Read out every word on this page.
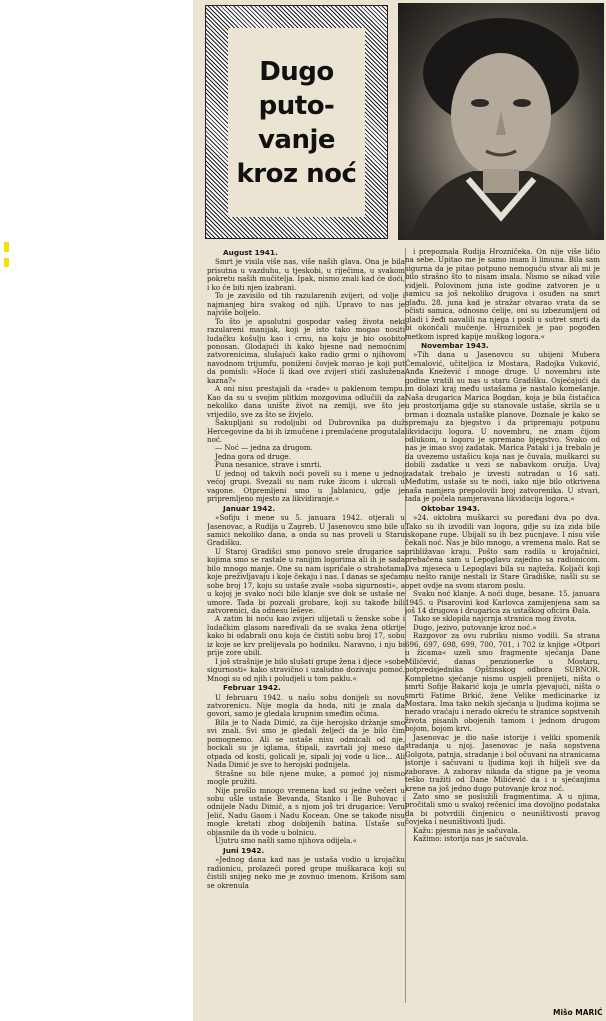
Dugo
puto-
vanje
kroz noć
August 1941.

Smrt je visila više nas, više naših glava. Ona je bila prisutna u vazduhu, u tjeskobi, u riječima, u svakom pokretu naših mučitelja. Ipak, nismo znali kad će doći, i ko će biti njen izabrani.

To je zavisilo od tih razularenih zvijeri, od volje i najmanjeg hira svakog od njih. Upravo to nas je najviše boljelo.

To što je apsolutni gospodar vašeg života neki razulareni manijak, koji je isto tako mogao nositi ludačku košulju kao i crnu, na koju je bio osobito ponosan. Glodajući ih kako bjesne nad nemoćnim zatvorenicima, slušajući kako radio grmi o njihovom navodnom trijumfu, poniženi čovjek morao je koji put da pomisli: »Hoće li ikad ove zvijeri stići zaslužena kazna?«

A oni nisu prestajali da »rade« u paklenom tempu. Kao da su u svojim plitkim mozgovima odlučili da za nekoliko dana unište život na zemlji, sve što je vrijedilo, sve za što se živjelo.

Sakupljani su rodoljubi od Dubrovnika pa duž Hercegovine da bi ih izmučene i premlaćene progutala noć.

— Noć — jedna za drugom.

Jedna gora od druge.

Puna nesanice, strave i smrti.

U jednoj od takvih noći poveli su i mene u jednoj većoj grupi. Svezali su nam ruke žicom i ukrcali u vagone. Otpremljeni smo u Jablanicu, gdje je pripremljeno mjesto za likvidiranje.«

Januar 1942.

»Sofiju i mene su 5. januara 1942. otjerali u Jasenovac, a Rudija u Zagreb. U Jasenovcu smo bile u samici nekoliko dana, a onda su nas proveli u Staru Gradišku.

U Staroj Gradišci smo ponovo srele drugarice sa kojima smo se rastale u ranijim logorima ali ih je sada bilo mnogo manje. One su nam ispričale o strahotama koje preživljavaju i koje čekaju i nas. I danas se sjećam sobe broj 17, koju su ustaše zvale »soba sigurnosti«, a u kojoj je svako noći bilo klanje sve dok se ustaše ne umore. Tada bi pozvali grobare, koji su takođe bili zatvorenici, da odnesu leševe.

A zatim bi noću kao zvijeri ulijetali u ženske sobe i ludačkim glasom naređivali da se svaka žena otkrije kako bi odabrali onu koja će čistiti sobu broj 17, sobu iz koje se krv prelijevala po hodniku. Naravno, i nju bi prije zore ubili.

I još strašnije je bilo slušati grupe žena i djece »sobe sigurnosti« kako stravično i uzaludno dozivaju pomoć. Mnogi su od njih i poludjeli u tom paklu.«

Februar 1942.

U februaru 1942. u našu sobu donijeli su novu zatvorenicu. Nije mogla da hoda, niti je znala da govori, samo je gledala krupnim smeđim očima.

Bila je to Nada Dimić, za čije herojsko držanje smo svi znali. Svi smo je gledali željeći da je bilo čim pomognemo. Ali se ustaše nisu odmicali od nje, bockali su je iglama, štipali, zavrtali joj meso da otpada od kosti, golicali je, sipali joj vode u lice... Ali Nada Dimić je sve to herojski podnijela.

Strašne su bile njene muke, a pomoć joj nismo mogle pružiti.

Nije prošlo mnogo vremena kad su jedne večeri u sobu ušle ustaše Bevanda, Stanko i Ile Buhovac i odnijele Nadu Dimić, a s njom još tri drugarice: Veru Jelić, Nadu Gaom i Nadu Kocean. One se takođe nisu mogle kretati zbog dobijenih batina. Ustaše su objasnile da ih vode u bolnicu.

Ujutru smo našli samo njihova odijela.«

Juni 1942.

»Jednog dana kad nas je ustaša vodio u krojačku radionicu, prolazeći pored grupe muškaraca koji su čistili snijeg neko me je zovnuo imenom. Krišom sam se okrenula

i prepoznala Rudija Hrozničeka. On nije više ličio na sebe. Upitao me je samo imam li limuna. Bila sam sigurna da je pitao potpuno nemoguću stvar ali mi je bilo strašno što to nisam imala. Nismo se nikad više vidjeli. Polovinom juna iste godine zatvoren je u samicu sa još nekoliko drugova i osuđen na smrt glađu. 28. juna kad je stražar otvarao vrata da se očisti samica, odnosno ćelije, oni su izbezumljeni od gladi i žeđi navalili na njega i posli u sutret smrti da bi okončali mučenje. Hrozniček je pao pogođen metkom ispred kapije muškog logora.«

Novembar 1943.

»Tih dana u Jasenovcu su ubijeni Mubera Ćemalović, učiteljica iz Mostara, Radojka Vuković, Anđa Knežević i mnoge druge. U novembru iste godine vratili su nas u staru Gradišku. Osjećajući da im dolazi kraj među ustašama je nastalo komešanje. Naša drugarica Marica Bogdan, koja je bila čistačica u prostorijama gdje su stanovale ustaše, skrila se u orman i doznala ustaške planove. Doznale je kako se spremaju za bjegstvo i da pripremaju potpunu likvidaciju logora. U novembru, ne znam čijom odlukom, u logoru je spremano bjegstvo. Svako od nas je imao svoj zadatak. Marica Pataki i ja trebalo je da uvezemo ustašicu koja nas je čuvala, muškarci su dobili zadatke u vezi se nabavkom oružja. Uvaj zadatak trebalo je izvesti sutradan u 16 sati. Međutim, ustaše su te noći, iako nije bilo otkrivena naša namjera prepolovili broj zatvorenika. U stvari, tada je počela namjeravana likvidacija logora.«

Oktobar 1943.

»24. oktobra muškarci su poređani dva po dva. Tako su ih izvodili van logora, gdje su iza zida bile iskopane rupe. Ubijali su ih bez pucnjave. I nisu više čekali noć. Nas je bilo mnogo, a vremena malo. Rat se približavao kraju. Pošto sam radila u krojačnici, prebačena sam u Lepoglavu zajedno sa radionicom. Dva mjeseca u Lepoglavi bila su najteža. Koljači koji su nešto ranije nestali iz Stare Gradiške, našli su se opet ovdje na svom starom poslu.

Svaku noć klanje. A noći duge, besane. 15. januara 1945. u Pisarovini kod Karlovca zamijenjena sam sa još 14 drugova i drugarica za ustaškog oficira Đala.

Tako se sklopila najcrnja stranica mog života.

Dugo, jezivo, putovanje kroz noć.«

Razgovor za ovu rubriku nismo vodili. Sa strana 696, 697, 698, 699, 700, 701, i 702 iz knjige »Otpori u žicama« uzeli smo fragmente sjećanja Dane Milićević, danas penzionerke u Mostaru, potpredsjednika Opštinskog odbora SUBNOR. Kompletno sjećanje nismo uspjeli prenijeti, ništa o smrti Sofije Bakarić koja je umrla pjevajući, ništa o smrti Fatime Brkić, žene Velike medicinarke iz Mostara. Ima tako nekih sjećanja u ljudima kojima se nerado vraćaju i nerado okreću te stranice sopstvenih života pisanih obojenih tamom i jednom drugom bojom, bojom krvi.

Jasenovac je dio naše istorije i veliki spomenik stradanja u njoj. Jasenovac je naša sopstvena Golgota, patnja, stradanje i bol očuvani na stranicama istorije i sačuvani u ljudima koji ih hiljeli sve da zaboravе. A zaborav nikada da stigne pa je veoma teško tražiti od Dane Milićević da i u sjećanjima krene na još jedno dugo putovanje kroz noć.

Zato smo se poslužili fragmentima. A u njima, pročitali smo u svakoj rečenici ima dovoljno podataka da bi potvrdili činjenicu o neuništivosti pravog čovjeka i neuništivosti ljudi.

Kažu: pjesma nas je sačuvala.

Kažimo: istorija nas je sačuvala.

Mišo MARIĆ
